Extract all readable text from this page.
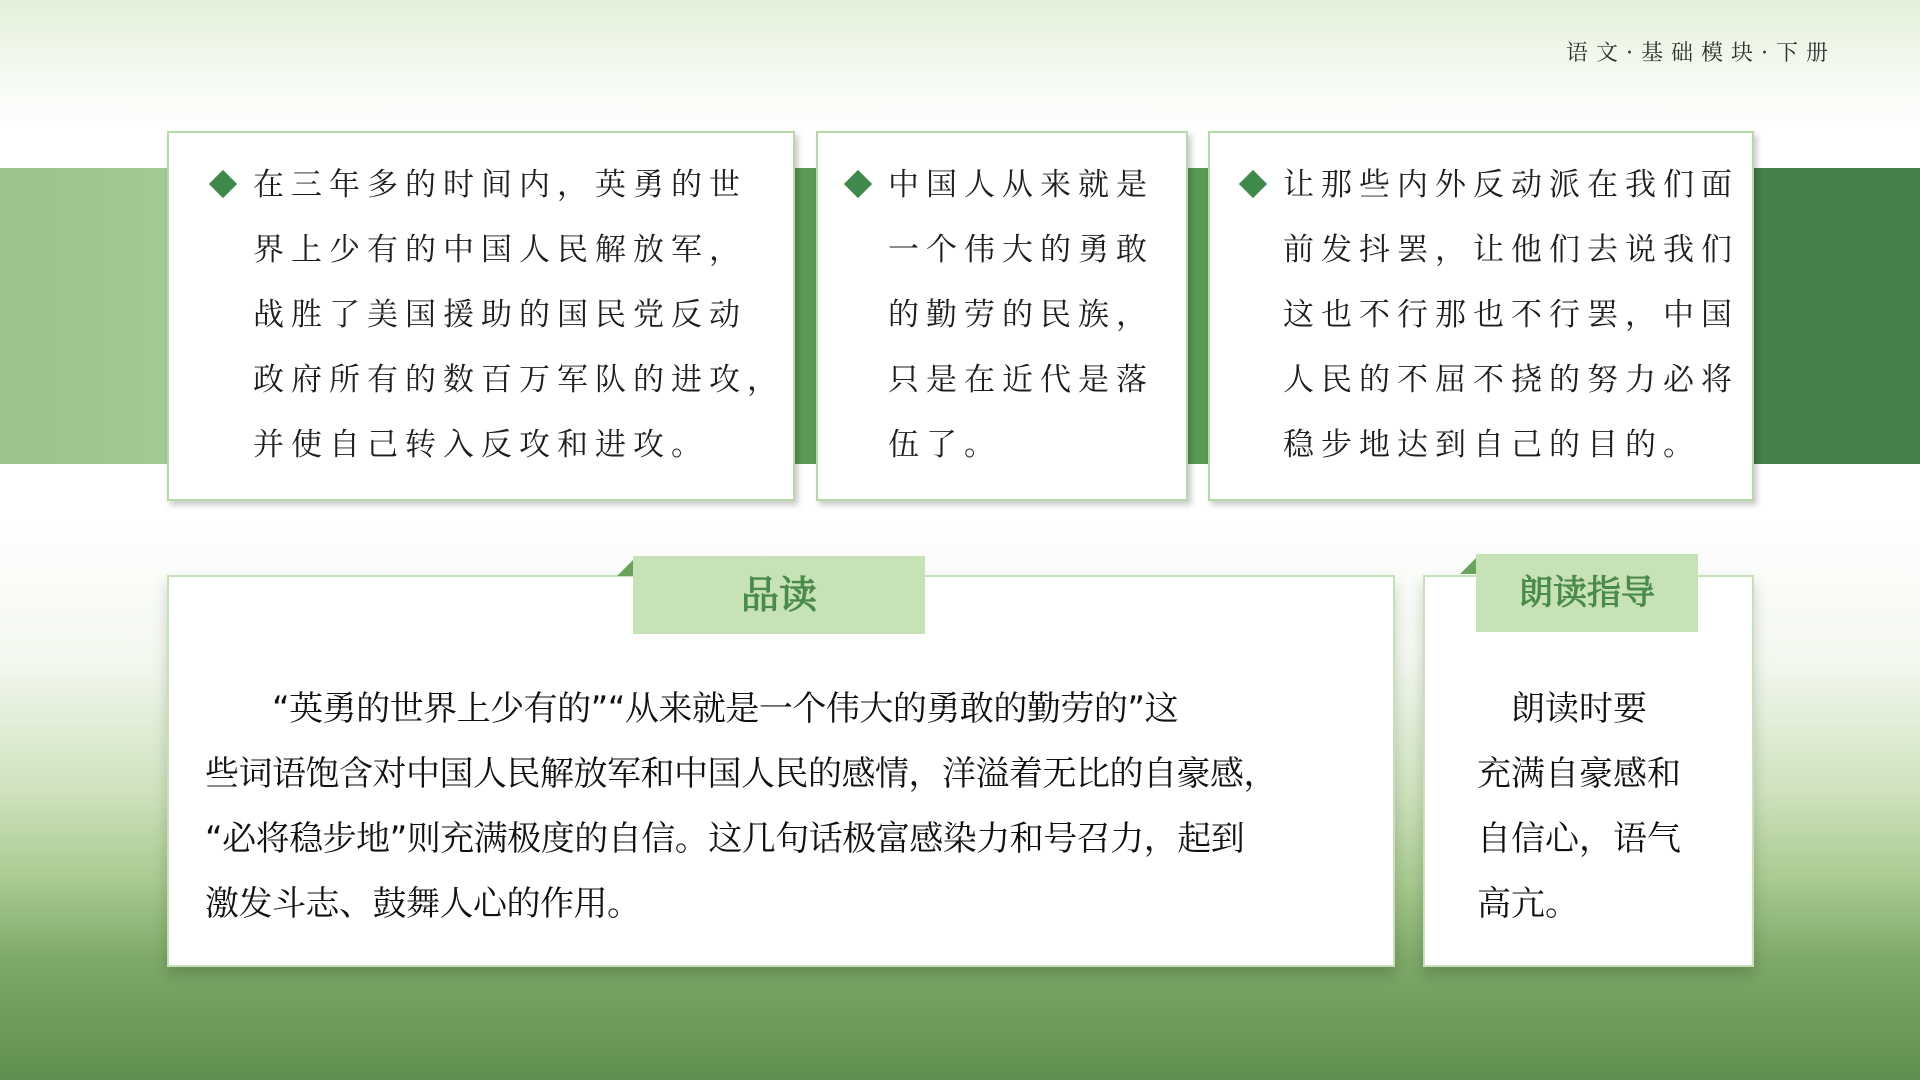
语文·基础模块·下册
在三年多的时间内，英勇的世
界上少有的中国人民解放军，
战胜了美国援助的国民党反动
政府所有的数百万军队的进攻，
并使自己转入反攻和进攻。
中国人从来就是
一个伟大的勇敢
的勤劳的民族，
只是在近代是落
伍了。
让那些内外反动派在我们面
前发抖罢，让他们去说我们
这也不行那也不行罢，中国
人民的不屈不挠的努力必将
稳步地达到自己的目的。
　　“英勇的世界上少有的”“从来就是一个伟大的勇敢的勤劳的”这
些词语饱含对中国人民解放军和中国人民的感情，洋溢着无比的自豪感，
“必将稳步地”则充满极度的自信。这几句话极富感染力和号召力，起到
激发斗志、鼓舞人心的作用。
品读
　朗读时要
充满自豪感和
自信心，语气
高亢。
朗读指导
